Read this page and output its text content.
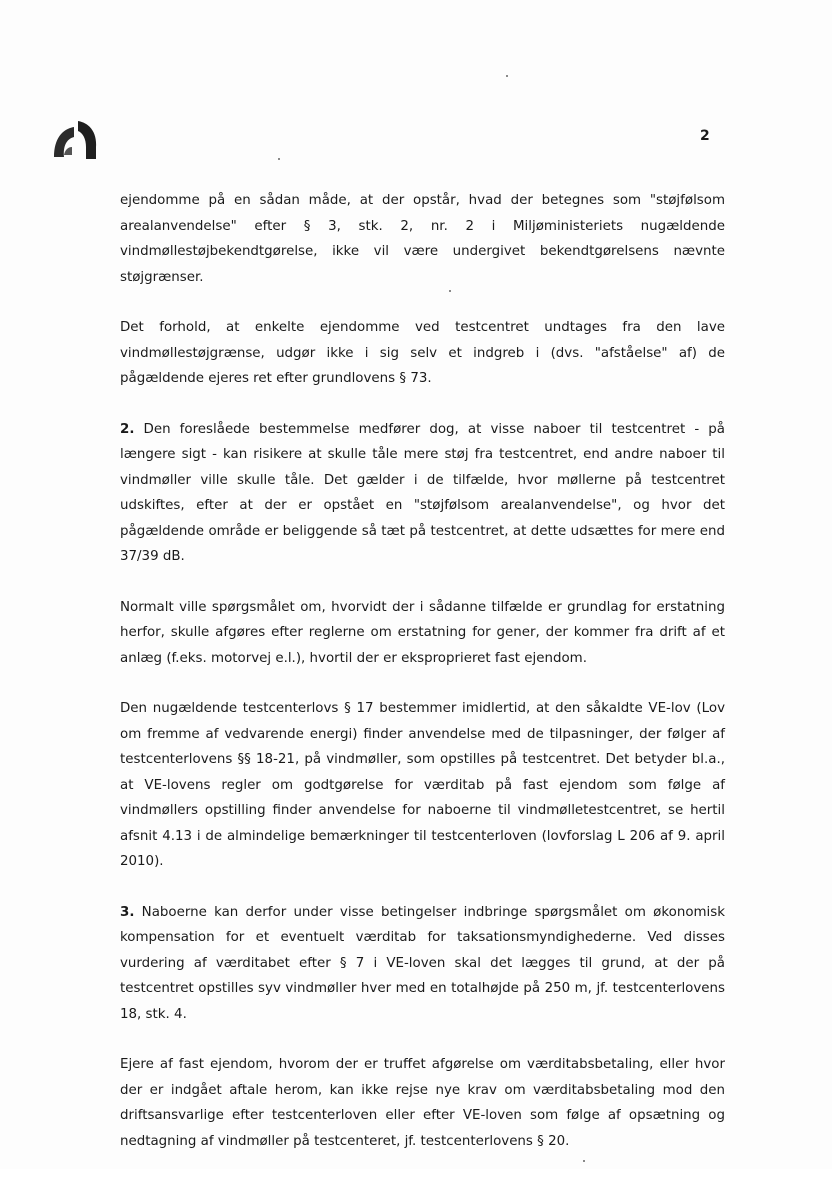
2

ejendomme på en sådan måde, at der opstår, hvad der betegnes som "støjfølsom arealanvendelse" efter § 3, stk. 2, nr. 2 i Miljøministeriets nugældende vindmøllestøjbekendtgørelse, ikke vil være undergivet bekendtgørelsens nævnte støjgrænser.

Det forhold, at enkelte ejendomme ved testcentret undtages fra den lave vindmøllestøjgrænse, udgør ikke i sig selv et indgreb i (dvs. "afståelse" af) de pågældende ejeres ret efter grundlovens § 73.

2. Den foreslåede bestemmelse medfører dog, at visse naboer til testcentret - på længere sigt - kan risikere at skulle tåle mere støj fra testcentret, end andre naboer til vindmøller ville skulle tåle. Det gælder i de tilfælde, hvor møllerne på testcentret udskiftes, efter at der er opstået en "støjfølsom arealanvendelse", og hvor det pågældende område er beliggende så tæt på testcentret, at dette udsættes for mere end 37/39 dB.

Normalt ville spørgsmålet om, hvorvidt der i sådanne tilfælde er grundlag for erstatning herfor, skulle afgøres efter reglerne om erstatning for gener, der kommer fra drift af et anlæg (f.eks. motorvej e.l.), hvortil der er eksproprieret fast ejendom.

Den nugældende testcenterlovs § 17 bestemmer imidlertid, at den såkaldte VE-lov (Lov om fremme af vedvarende energi) finder anvendelse med de tilpasninger, der følger af testcenterlovens §§ 18-21, på vindmøller, som opstilles på testcentret. Det betyder bl.a., at VE-lovens regler om godtgørelse for værditab på fast ejendom som følge af vindmøllers opstilling finder anvendelse for naboerne til vindmølletestcentret, se hertil afsnit 4.13 i de almindelige bemærkninger til testcenterloven (lovforslag L 206 af 9. april 2010).

3. Naboerne kan derfor under visse betingelser indbringe spørgsmålet om økonomisk kompensation for et eventuelt værditab for taksationsmyndighederne. Ved disses vurdering af værditabet efter § 7 i VE-loven skal det lægges til grund, at der på testcentret opstilles syv vindmøller hver med en totalhøjde på 250 m, jf. testcenterlovens 18, stk. 4.

Ejere af fast ejendom, hvorom der er truffet afgørelse om værditabsbetaling, eller hvor der er indgået aftale herom, kan ikke rejse nye krav om værditabsbetaling mod den driftsansvarlige efter testcenterloven eller efter VE-loven som følge af opsætning og nedtagning af vindmøller på testcenteret, jf. testcenterlovens § 20.
